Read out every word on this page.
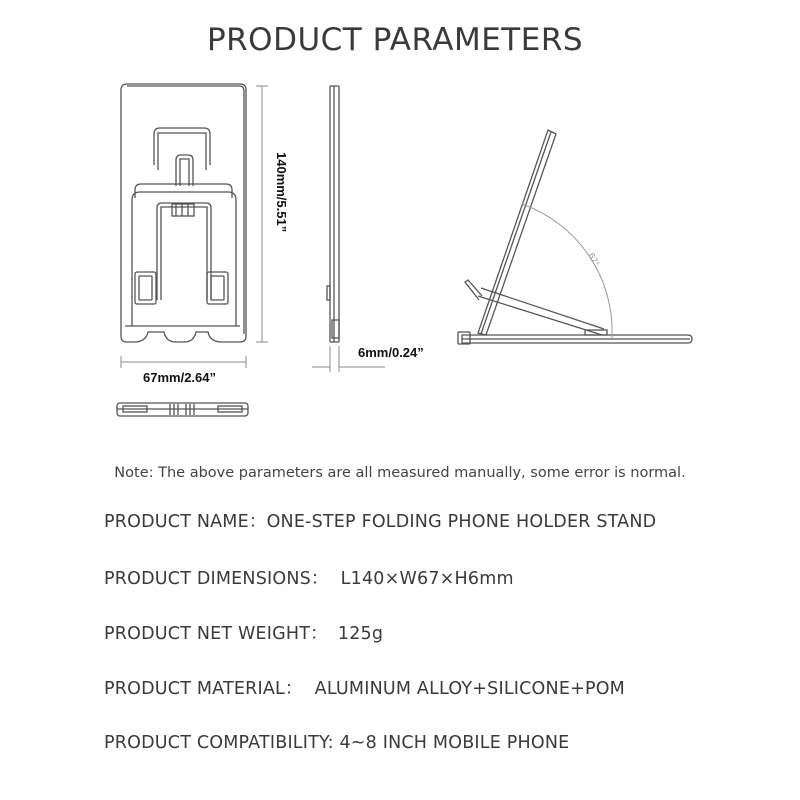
PRODUCT PARAMETERS
140mm/5.51”
67mm/2.64”
6mm/0.24”
67°
Note: The above parameters are all measured manually, some error is normal.
PRODUCT NAME：ONE-STEP FOLDING PHONE HOLDER STAND
PRODUCT DIMENSIONS： L140×W67×H6mm
PRODUCT NET WEIGHT： 125g
PRODUCT MATERIAL： ALUMINUM ALLOY+SILICONE+POM
PRODUCT COMPATIBILITY: 4~8 INCH MOBILE PHONE
